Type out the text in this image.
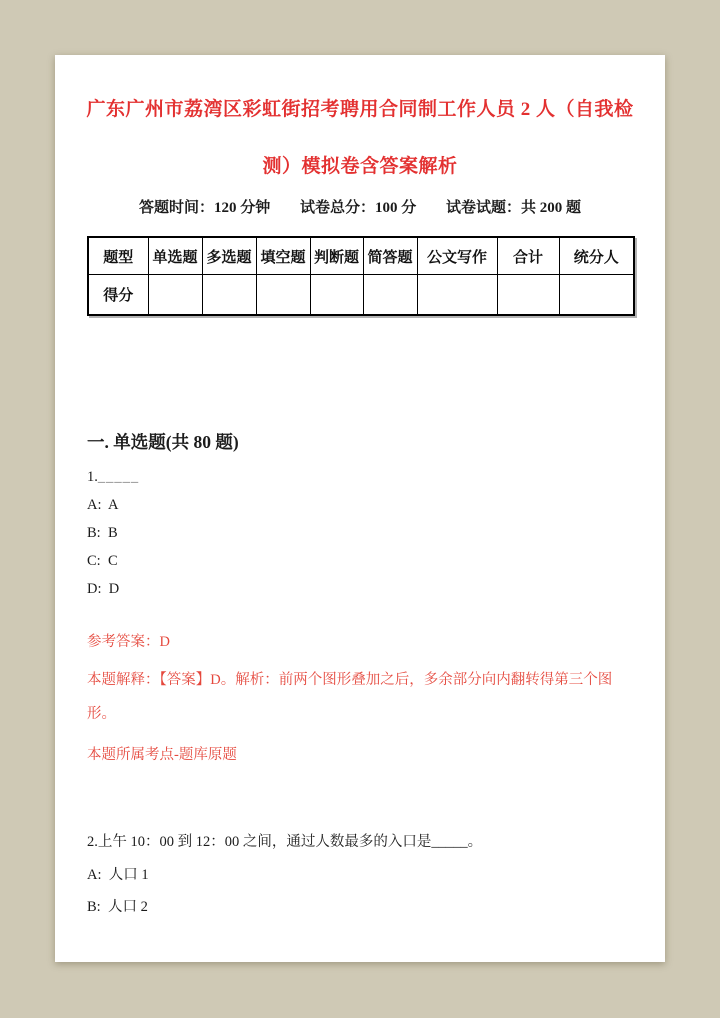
广东广州市荔湾区彩虹街招考聘用合同制工作人员 2 人（自我检
测）模拟卷含答案解析
答题时间：120 分钟 试卷总分：100 分 试卷试题：共 200 题
题型	单选题	多选题	填空题	判断题	简答题	公文写作	合计	统分人
得分								
一. 单选题(共 80 题)
1._____
A:  A
B:  B
C:  C
D:  D
参考答案：D
本题解释：【答案】D。解析：前两个图形叠加之后，多余部分向内翻转得第三个图形。
本题所属考点-题库原题
2.上午 10：00 到 12：00 之间，通过人数最多的入口是_____。
A:  人口 1
B:  人口 2
